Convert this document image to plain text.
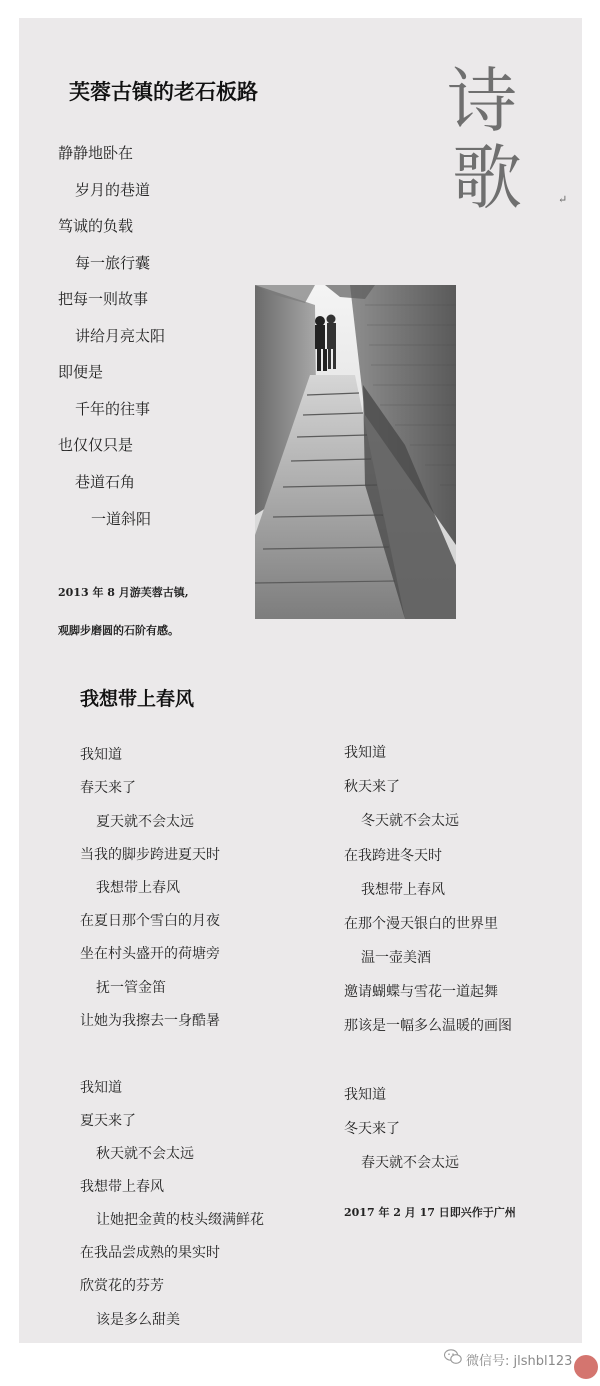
芙蓉古镇的老石板路	诗
歌	↵
静静地卧在
岁月的巷道
笃诚的负载
每一旅行囊
把每一则故事
讲给月亮太阳
即便是
千年的往事
也仅仅只是
巷道石角
一道斜阳
2013 年 8 月游芙蓉古镇,
观脚步磨圆的石阶有感。
我想带上春风
我知道
春天来了
夏天就不会太远
当我的脚步跨进夏天时
我想带上春风
在夏日那个雪白的月夜
坐在村头盛开的荷塘旁
抚一管金笛
让她为我擦去一身酷暑
我知道
夏天来了
秋天就不会太远
我想带上春风
让她把金黄的枝头缀满鲜花
在我品尝成熟的果实时
欣赏花的芬芳
该是多么甜美
我知道
秋天来了
冬天就不会太远
在我跨进冬天时
我想带上春风
在那个漫天银白的世界里
温一壶美酒
邀请蝴蝶与雪花一道起舞
那该是一幅多么温暖的画图
我知道
冬天来了
春天就不会太远
2017 年 2 月 17 日即兴作于广州
微信号: jlshbl123
